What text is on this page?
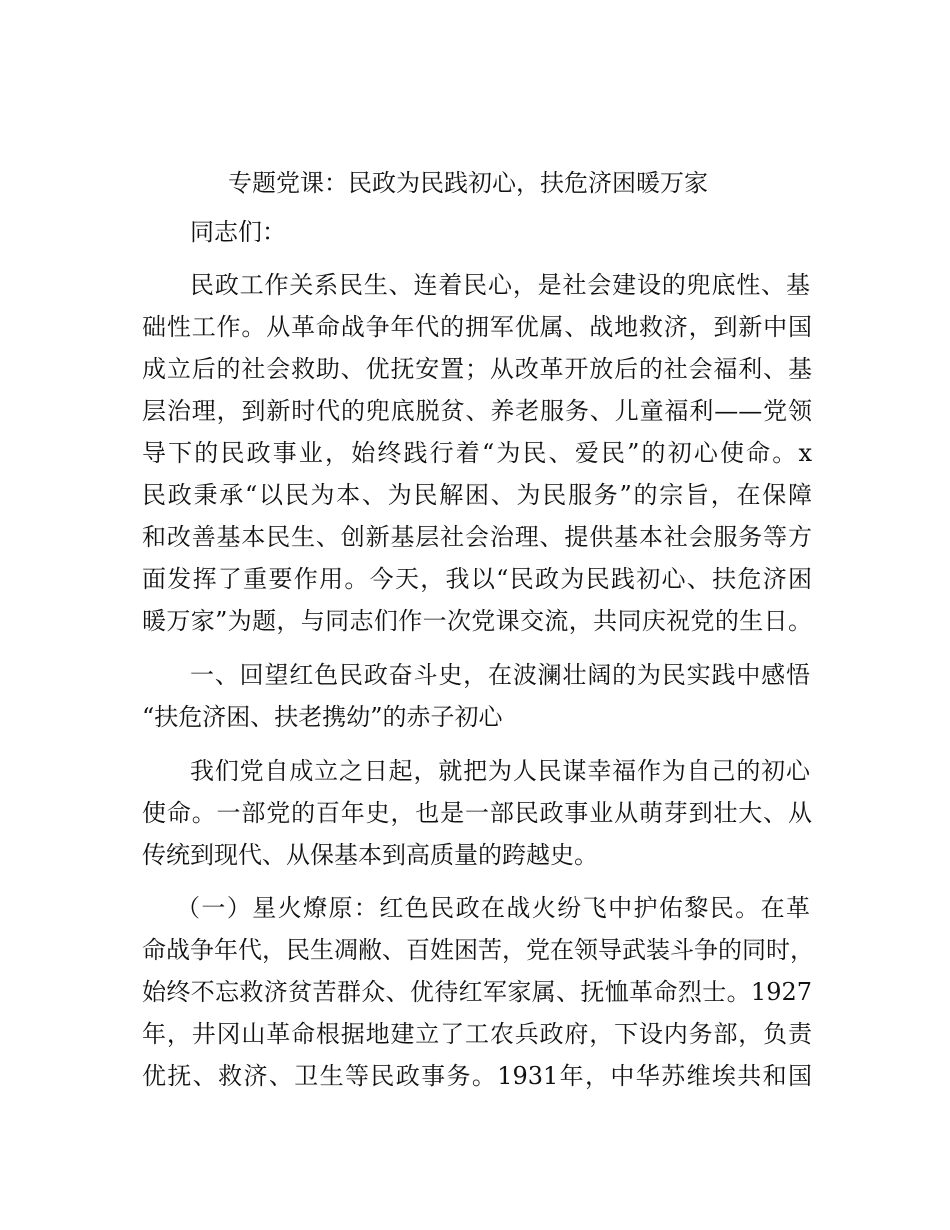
专题党课：民政为民践初心，扶危济困暖万家
同志们：
民政工作关系民生、连着民心，是社会建设的兜底性、基
础性工作。从革命战争年代的拥军优属、战地救济，到新中国
成立后的社会救助、优抚安置；从改革开放后的社会福利、基
层治理，到新时代的兜底脱贫、养老服务、儿童福利——党领
导下的民政事业，始终践行着“为民、爱民”的初心使命。x
民政秉承“以民为本、为民解困、为民服务”的宗旨，在保障
和改善基本民生、创新基层社会治理、提供基本社会服务等方
面发挥了重要作用。今天，我以“民政为民践初心、扶危济困
暖万家”为题，与同志们作一次党课交流，共同庆祝党的生日。
一、回望红色民政奋斗史，在波澜壮阔的为民实践中感悟
“扶危济困、扶老携幼”的赤子初心
我们党自成立之日起，就把为人民谋幸福作为自己的初心
使命。一部党的百年史，也是一部民政事业从萌芽到壮大、从
传统到现代、从保基本到高质量的跨越史。
（一）星火燎原：红色民政在战火纷飞中护佑黎民。在革
命战争年代，民生凋敝、百姓困苦，党在领导武装斗争的同时，
始终不忘救济贫苦群众、优待红军家属、抚恤革命烈士。1927
年，井冈山革命根据地建立了工农兵政府，下设内务部，负责
优抚、救济、卫生等民政事务。1931年，中华苏维埃共和国
